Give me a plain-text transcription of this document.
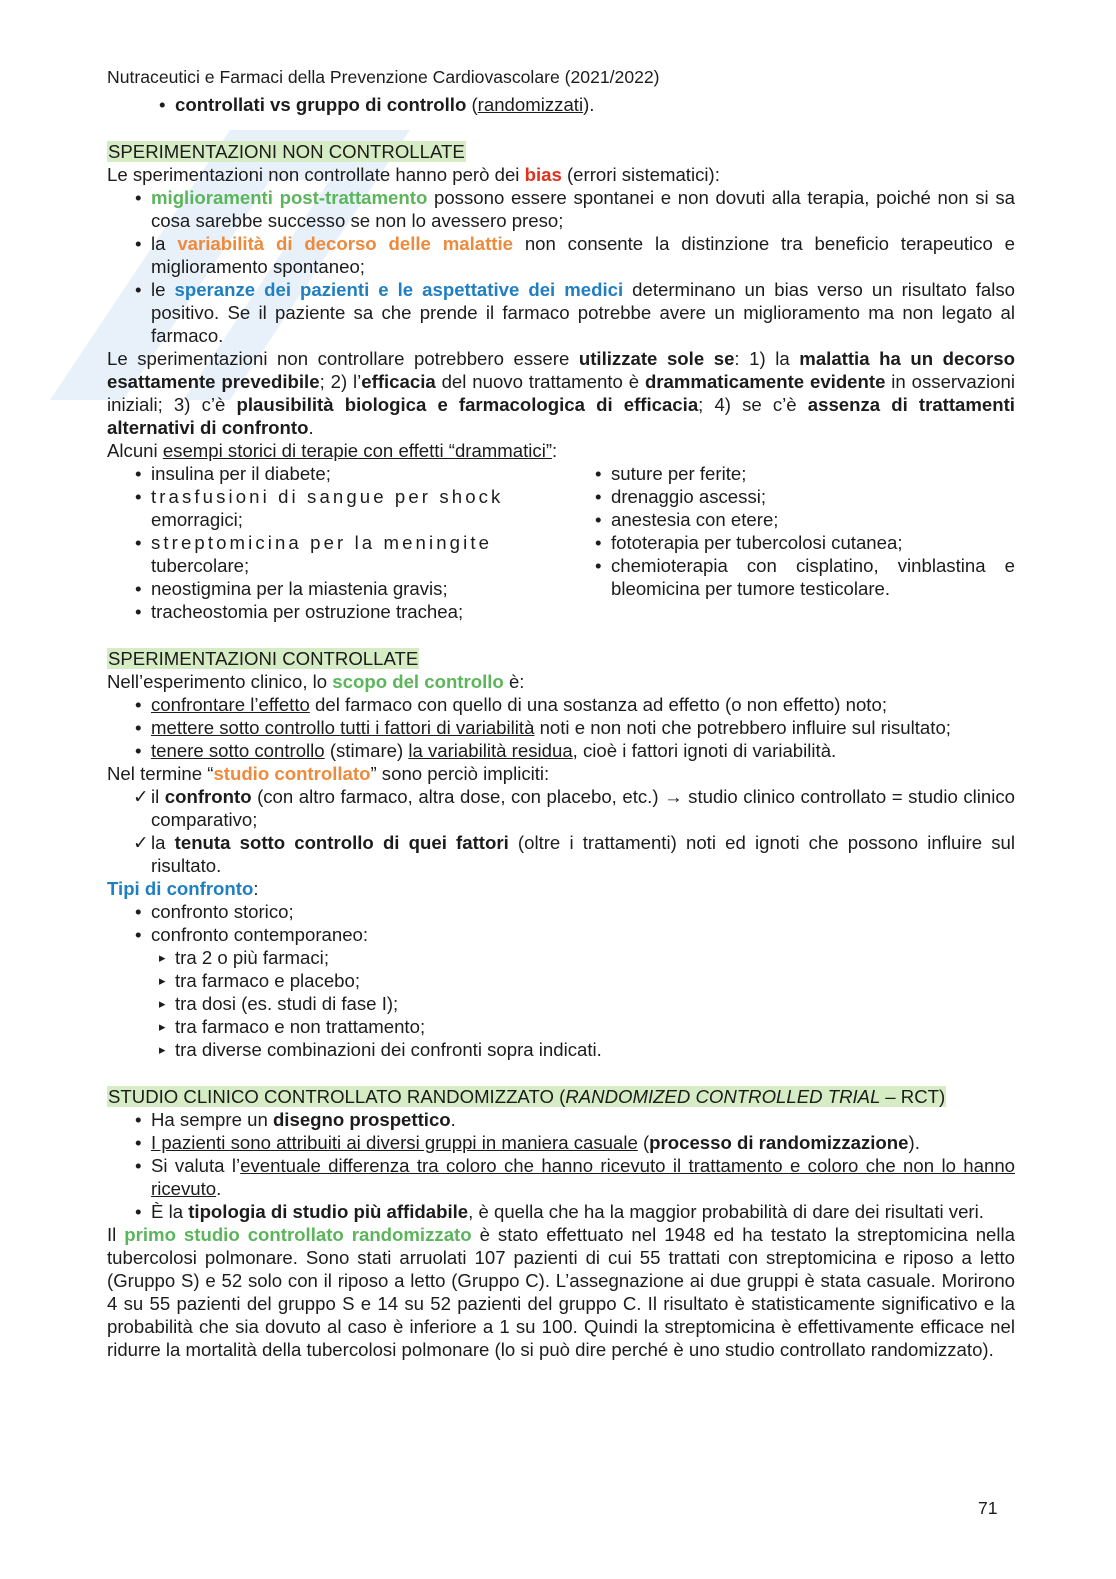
Nutraceutici e Farmaci della Prevenzione Cardiovascolare (2021/2022)
• controllati vs gruppo di controllo (randomizzati).
SPERIMENTAZIONI NON CONTROLLATE
Le sperimentazioni non controllate hanno però dei bias (errori sistematici):
• miglioramenti post-trattamento possono essere spontanei e non dovuti alla terapia, poiché non si sa cosa sarebbe successo se non lo avessero preso;
• la variabilità di decorso delle malattie non consente la distinzione tra beneficio terapeutico e miglioramento spontaneo;
• le speranze dei pazienti e le aspettative dei medici determinano un bias verso un risultato falso positivo. Se il paziente sa che prende il farmaco potrebbe avere un miglioramento ma non legato al farmaco.
Le sperimentazioni non controllare potrebbero essere utilizzate sole se: 1) la malattia ha un decorso esattamente prevedibile; 2) l’efficacia del nuovo trattamento è drammaticamente evidente in osservazioni iniziali; 3) c’è plausibilità biologica e farmacologica di efficacia; 4) se c’è assenza di trattamenti alternativi di confronto.
Alcuni esempi storici di terapie con effetti “drammatici”:
• insulina per il diabete;
• trasfusioni di sangue per shock
emorragici;
• streptomicina per la meningite
tubercolare;
• neostigmina per la miastenia gravis;
• tracheostomia per ostruzione trachea;
• suture per ferite;
• drenaggio ascessi;
• anestesia con etere;
• fototerapia per tubercolosi cutanea;
• chemioterapia con cisplatino, vinblastina e bleomicina per tumore testicolare.
SPERIMENTAZIONI CONTROLLATE
Nell’esperimento clinico, lo scopo del controllo è:
• confrontare l’effetto del farmaco con quello di una sostanza ad effetto (o non effetto) noto;
• mettere sotto controllo tutti i fattori di variabilità noti e non noti che potrebbero influire sul risultato;
• tenere sotto controllo (stimare) la variabilità residua, cioè i fattori ignoti di variabilità.
Nel termine “studio controllato” sono perciò impliciti:
✓ il confronto (con altro farmaco, altra dose, con placebo, etc.) → studio clinico controllato = studio clinico comparativo;
✓ la tenuta sotto controllo di quei fattori (oltre i trattamenti) noti ed ignoti che possono influire sul risultato.
Tipi di confronto:
• confronto storico;
• confronto contemporaneo:
▸ tra 2 o più farmaci;
▸ tra farmaco e placebo;
▸ tra dosi (es. studi di fase I);
▸ tra farmaco e non trattamento;
▸ tra diverse combinazioni dei confronti sopra indicati.
STUDIO CLINICO CONTROLLATO RANDOMIZZATO (RANDOMIZED CONTROLLED TRIAL – RCT)
• Ha sempre un disegno prospettico.
• I pazienti sono attribuiti ai diversi gruppi in maniera casuale (processo di randomizzazione).
• Si valuta l’eventuale differenza tra coloro che hanno ricevuto il trattamento e coloro che non lo hanno ricevuto.
• È la tipologia di studio più affidabile, è quella che ha la maggior probabilità di dare dei risultati veri.
Il primo studio controllato randomizzato è stato effettuato nel 1948 ed ha testato la streptomicina nella tubercolosi polmonare. Sono stati arruolati 107 pazienti di cui 55 trattati con streptomicina e riposo a letto (Gruppo S) e 52 solo con il riposo a letto (Gruppo C). L’assegnazione ai due gruppi è stata casuale. Morirono 4 su 55 pazienti del gruppo S e 14 su 52 pazienti del gruppo C. Il risultato è statisticamente significativo e la probabilità che sia dovuto al caso è inferiore a 1 su 100. Quindi la streptomicina è effettivamente efficace nel ridurre la mortalità della tubercolosi polmonare (lo si può dire perché è uno studio controllato randomizzato).
71
